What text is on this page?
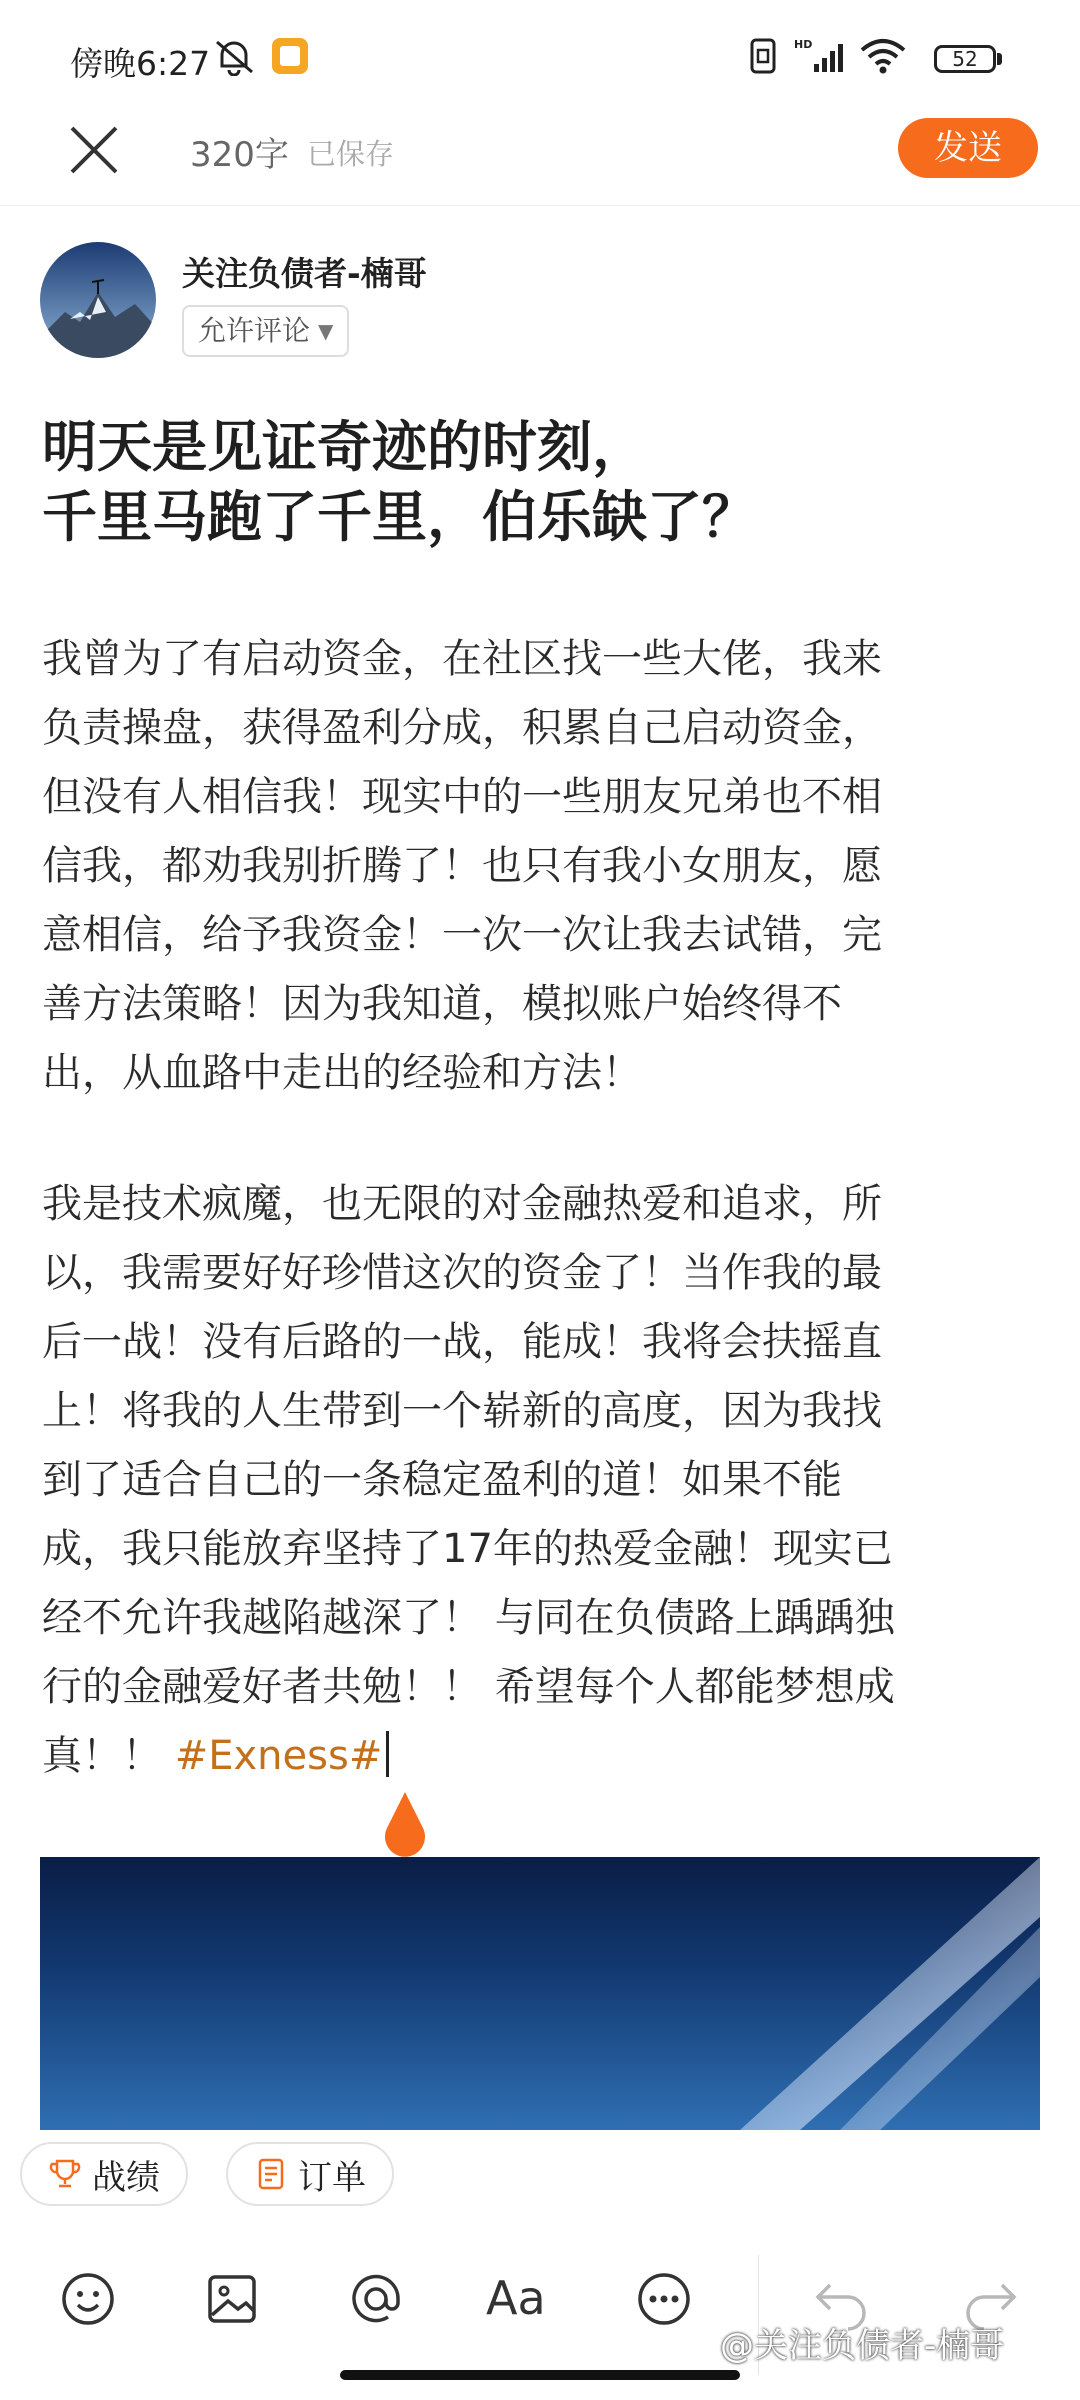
傍晚6:27	HD
52
320字 已保存	发送
关注负债者-楠哥
允许评论 ▼
明天是见证奇迹的时刻，
千里马跑了千里，伯乐缺了？
我曾为了有启动资金，在社区找一些大佬，我来
负责操盘，获得盈利分成，积累自己启动资金，
但没有人相信我！现实中的一些朋友兄弟也不相
信我，都劝我别折腾了！也只有我小女朋友，愿
意相信，给予我资金！一次一次让我去试错，完
善方法策略！因为我知道，模拟账户始终得不
出，从血路中走出的经验和方法！
我是技术疯魔，也无限的对金融热爱和追求，所
以，我需要好好珍惜这次的资金了！当作我的最
后一战！没有后路的一战，能成！我将会扶摇直
上！将我的人生带到一个崭新的高度，因为我找
到了适合自己的一条稳定盈利的道！如果不能
成，我只能放弃坚持了17年的热爱金融！现实已
经不允许我越陷越深了！ 与同在负债路上踽踽独
行的金融爱好者共勉！！ 希望每个人都能梦想成
真！！ #Exness#
战绩	订单
Aa
@关注负债者-楠哥
